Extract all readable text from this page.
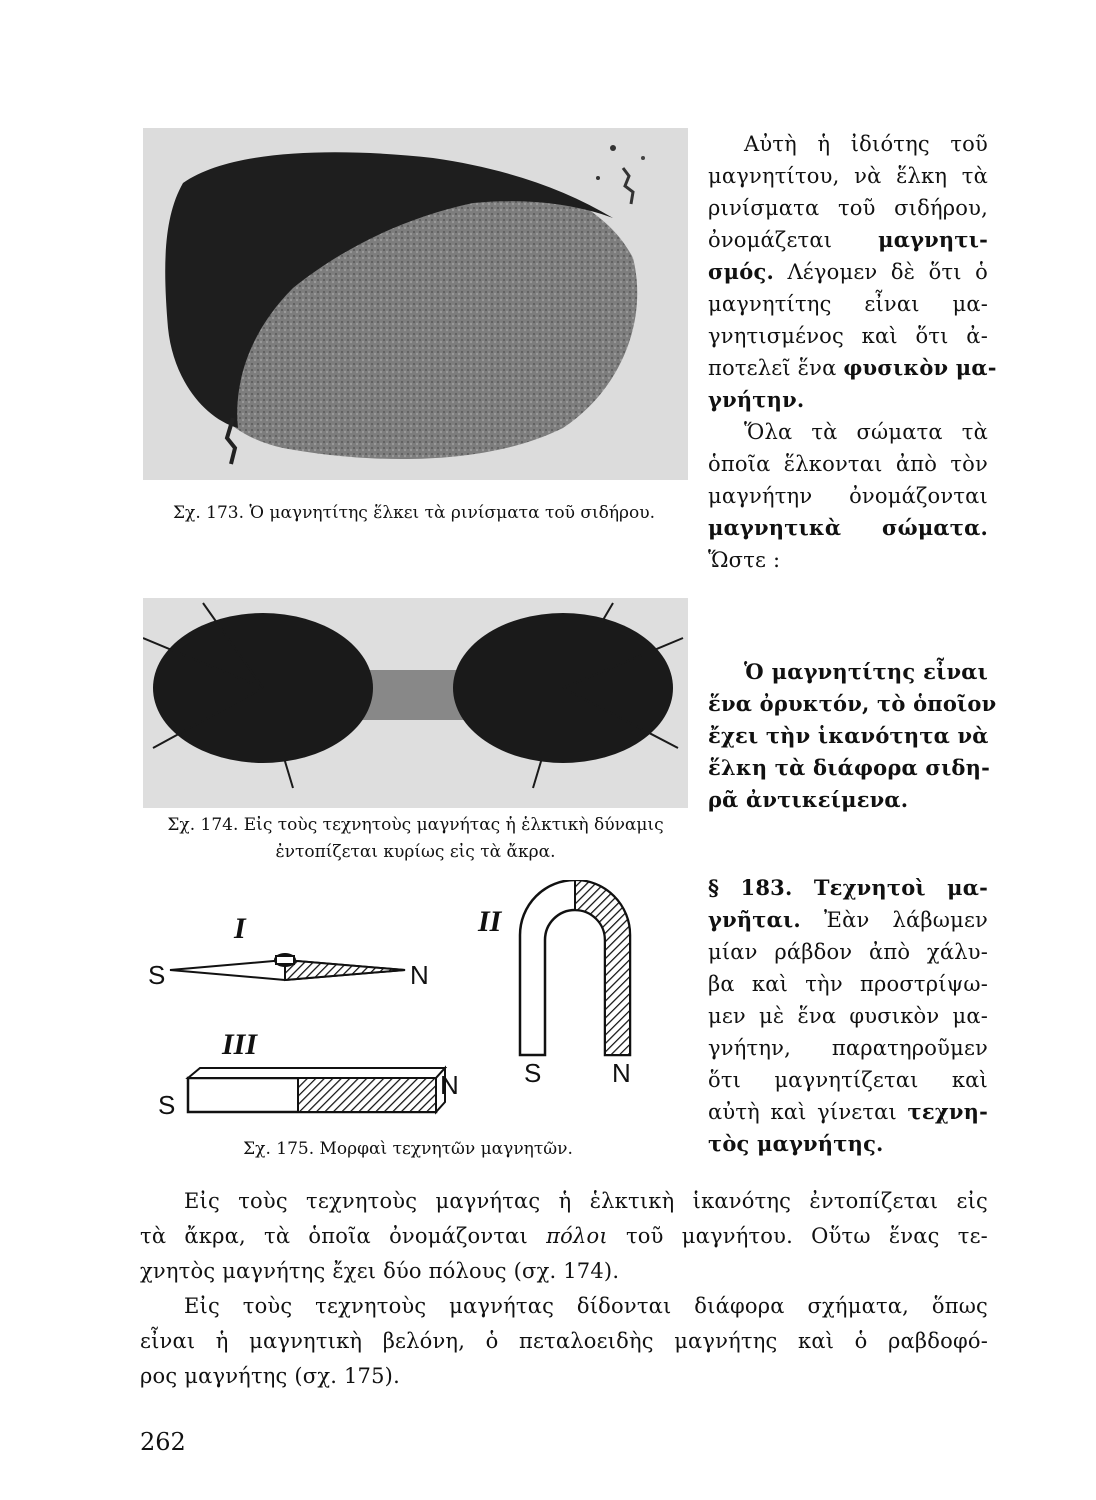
Σχ. 173. Ὁ μαγνητίτης ἕλκει τὰ ρινίσματα τοῦ σιδήρου.
Σχ. 174. Εἰς τοὺς τεχνητοὺς μαγνήτας ἡ ἑλκτικὴ δύναμις ἐντοπίζεται κυρίως εἰς τὰ ἄκρα.
I	II
III
S	N
S	N
S
N
Σχ. 175. Μορφαὶ τεχνητῶν μαγνητῶν.
Αὐτὴ ἡ ἰδιότης τοῦ
μαγνητίτου, νὰ ἕλκη τὰ
ρινίσματα τοῦ σιδήρου,
ὀνομάζεται μαγνητι-
σμός. Λέγομεν δὲ ὅτι ὁ
μαγνητίτης εἶναι μα-
γνητισμένος καὶ ὅτι ἀ-
ποτελεῖ ἕνα φυσικὸν μα-
γνήτην.
Ὅλα τὰ σώματα τὰ
ὁποῖα ἕλκονται ἀπὸ τὸν
μαγνήτην ὀνομάζονται
μαγνητικὰ σώματα.
Ὥστε :
Ὁ μαγνητίτης εἶναι
ἕνα ὀρυκτόν, τὸ ὁποῖον
ἔχει τὴν ἱκανότητα νὰ
ἕλκη τὰ διάφορα σιδη-
ρᾶ ἀντικείμενα.
§ 183. Τεχνητοὶ μα-
γνῆται. Ἐὰν λάβωμεν
μίαν ράβδον ἀπὸ χάλυ-
βα καὶ τὴν προστρίψω-
μεν μὲ ἕνα φυσικὸν μα-
γνήτην, παρατηροῦμεν
ὅτι μαγνητίζεται καὶ
αὐτὴ καὶ γίνεται τεχνη-
τὸς μαγνήτης.
Εἰς τοὺς τεχνητοὺς μαγνήτας ἡ ἑλκτικὴ ἱκανότης ἐντοπίζεται εἰς
τὰ ἄκρα, τὰ ὁποῖα ὀνομάζονται πόλοι τοῦ μαγνήτου. Οὕτω ἕνας τε-
χνητὸς μαγνήτης ἔχει δύο πόλους (σχ. 174).
Εἰς τοὺς τεχνητοὺς μαγνήτας δίδονται διάφορα σχήματα, ὅπως
εἶναι ἡ μαγνητικὴ βελόνη, ὁ πεταλοειδὴς μαγνήτης καὶ ὁ ραβδοφό-
ρος μαγνήτης (σχ. 175).
262
